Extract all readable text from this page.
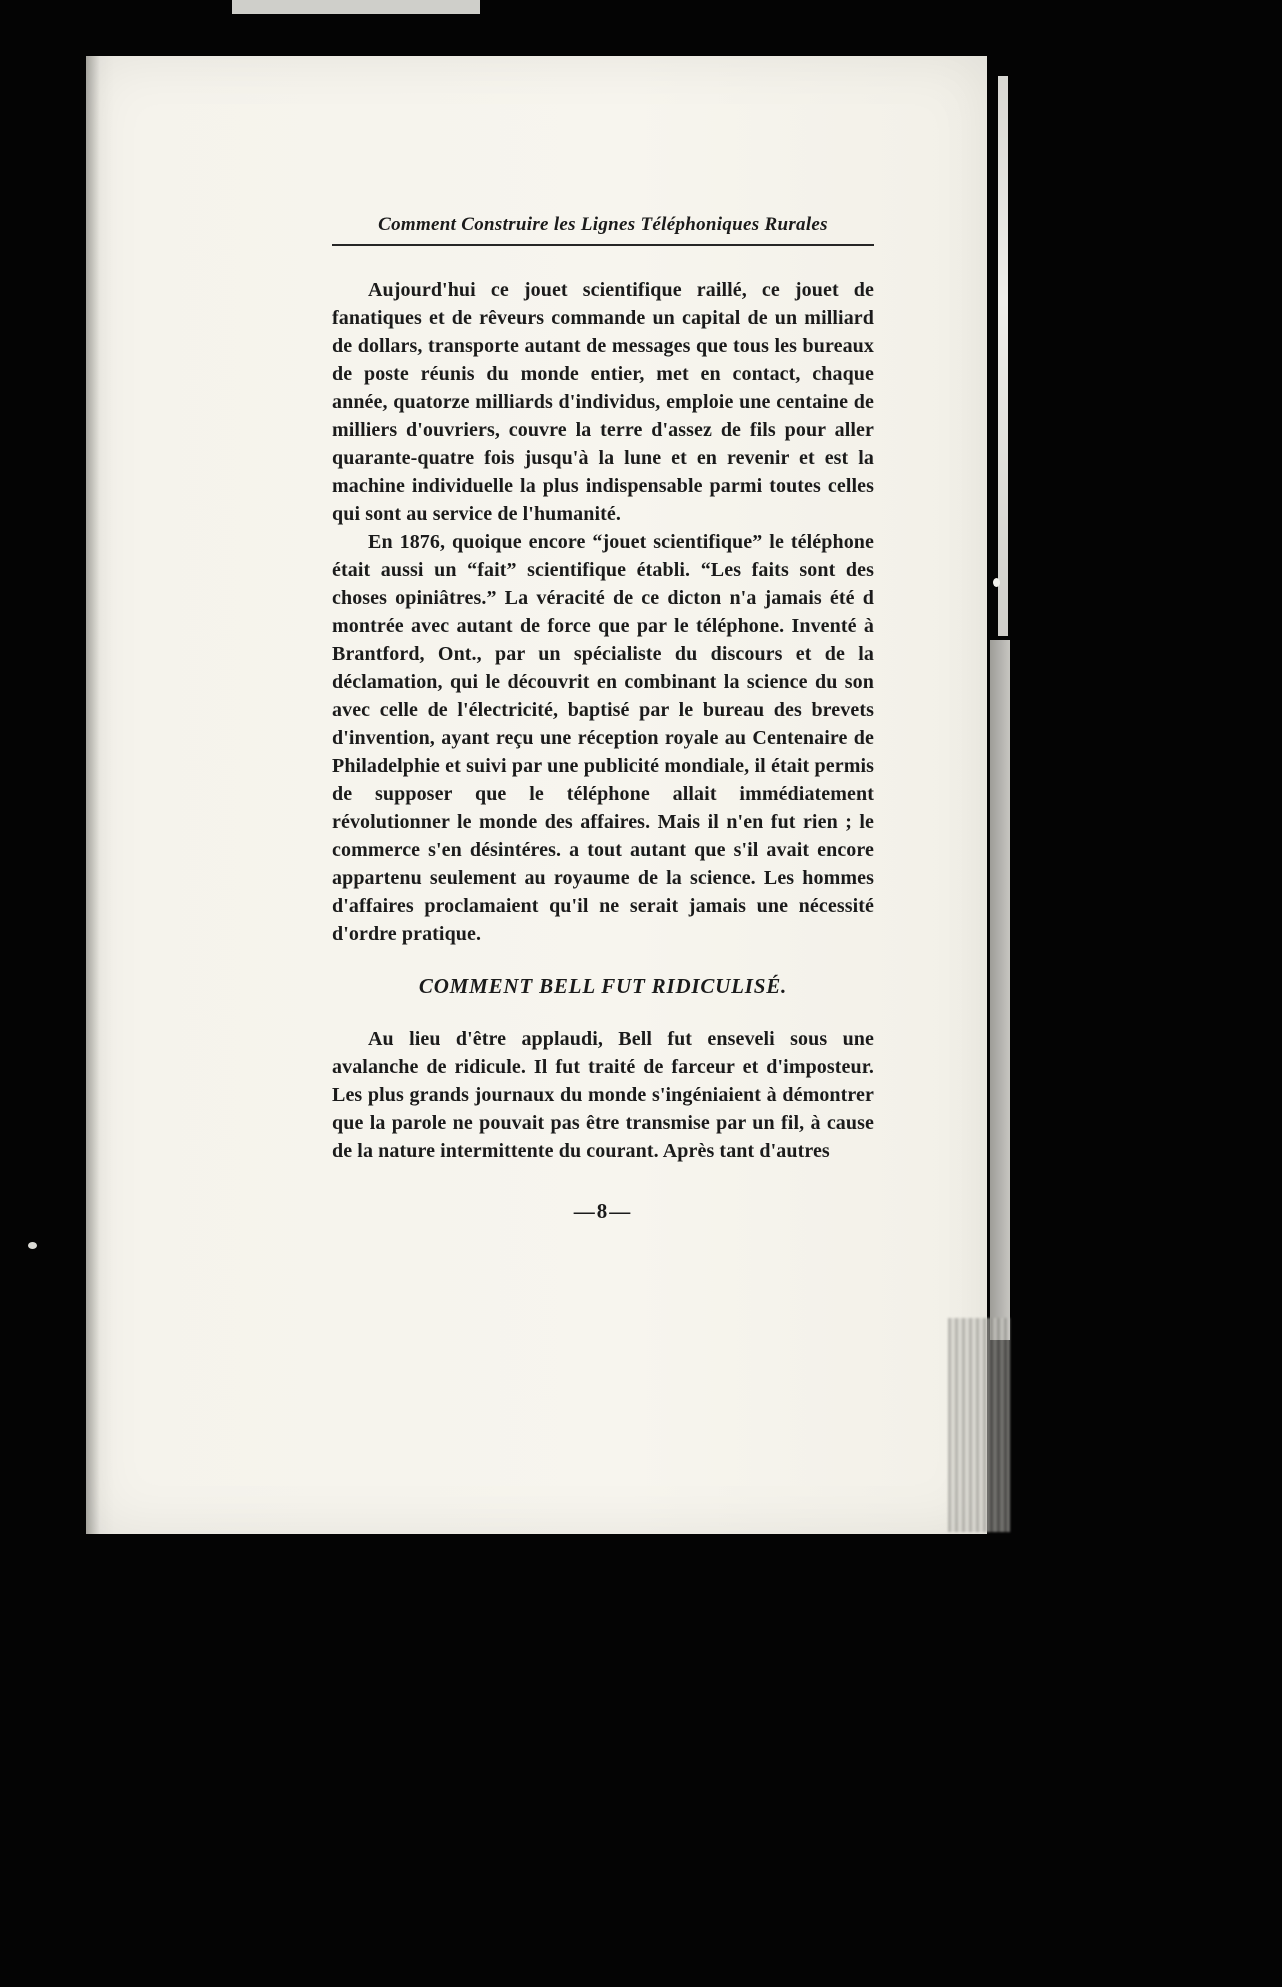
Comment Construire les Lignes Téléphoniques Rurales

Aujourd'hui ce jouet scientifique raillé, ce jouet de fanatiques et de rêveurs commande un capital de un milliard de dollars, transporte autant de messages que tous les bureaux de poste réunis du monde entier, met en contact, chaque année, quatorze milliards d'individus, emploie une centaine de milliers d'ouvriers, couvre la terre d'assez de fils pour aller quarante-quatre fois jusqu'à la lune et en revenir et est la machine individuelle la plus indispensable parmi toutes celles qui sont au service de l'humanité.

En 1876, quoique encore “jouet scientifique” le téléphone était aussi un “fait” scientifique établi. “Les faits sont des choses opiniâtres.” La véracité de ce dicton n'a jamais été d montrée avec autant de force que par le téléphone. Inventé à Brantford, Ont., par un spécialiste du discours et de la déclamation, qui le découvrit en combinant la science du son avec celle de l'électricité, baptisé par le bureau des brevets d'invention, ayant reçu une réception royale au Centenaire de Philadelphie et suivi par une publicité mondiale, il était permis de supposer que le téléphone allait immédiatement révolutionner le monde des affaires. Mais il n'en fut rien ; le commerce s'en désintéres. a tout autant que s'il avait encore appartenu seulement au royaume de la science. Les hommes d'affaires proclamaient qu'il ne serait jamais une nécessité d'ordre pratique.

COMMENT BELL FUT RIDICULISÉ.

Au lieu d'être applaudi, Bell fut enseveli sous une avalanche de ridicule. Il fut traité de farceur et d'imposteur. Les plus grands journaux du monde s'ingéniaient à démontrer que la parole ne pouvait pas être transmise par un fil, à cause de la nature intermittente du courant. Après tant d'autres

—8—
